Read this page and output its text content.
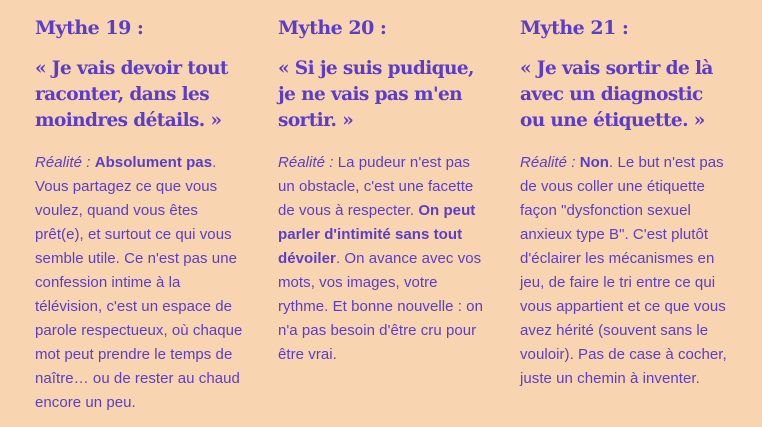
Mythe 19 :

« Je vais devoir tout raconter, dans les moindres détails. »

Réalité : Absolument pas. Vous partagez ce que vous voulez, quand vous êtes prêt(e), et surtout ce qui vous semble utile. Ce n'est pas une confession intime à la télévision, c'est un espace de parole respectueux, où chaque mot peut prendre le temps de naître… ou de rester au chaud encore un peu.

Mythe 20 :

« Si je suis pudique, je ne vais pas m'en sortir. »

Réalité : La pudeur n'est pas un obstacle, c'est une facette de vous à respecter. On peut parler d'intimité sans tout dévoiler. On avance avec vos mots, vos images, votre rythme. Et bonne nouvelle : on n'a pas besoin d'être cru pour être vrai.

Mythe 21 :

« Je vais sortir de là avec un diagnostic ou une étiquette. »

Réalité : Non. Le but n'est pas de vous coller une étiquette façon "dysfonction sexuel anxieux type B". C'est plutôt d'éclairer les mécanismes en jeu, de faire le tri entre ce qui vous appartient et ce que vous avez hérité (souvent sans le vouloir). Pas de case à cocher, juste un chemin à inventer.
